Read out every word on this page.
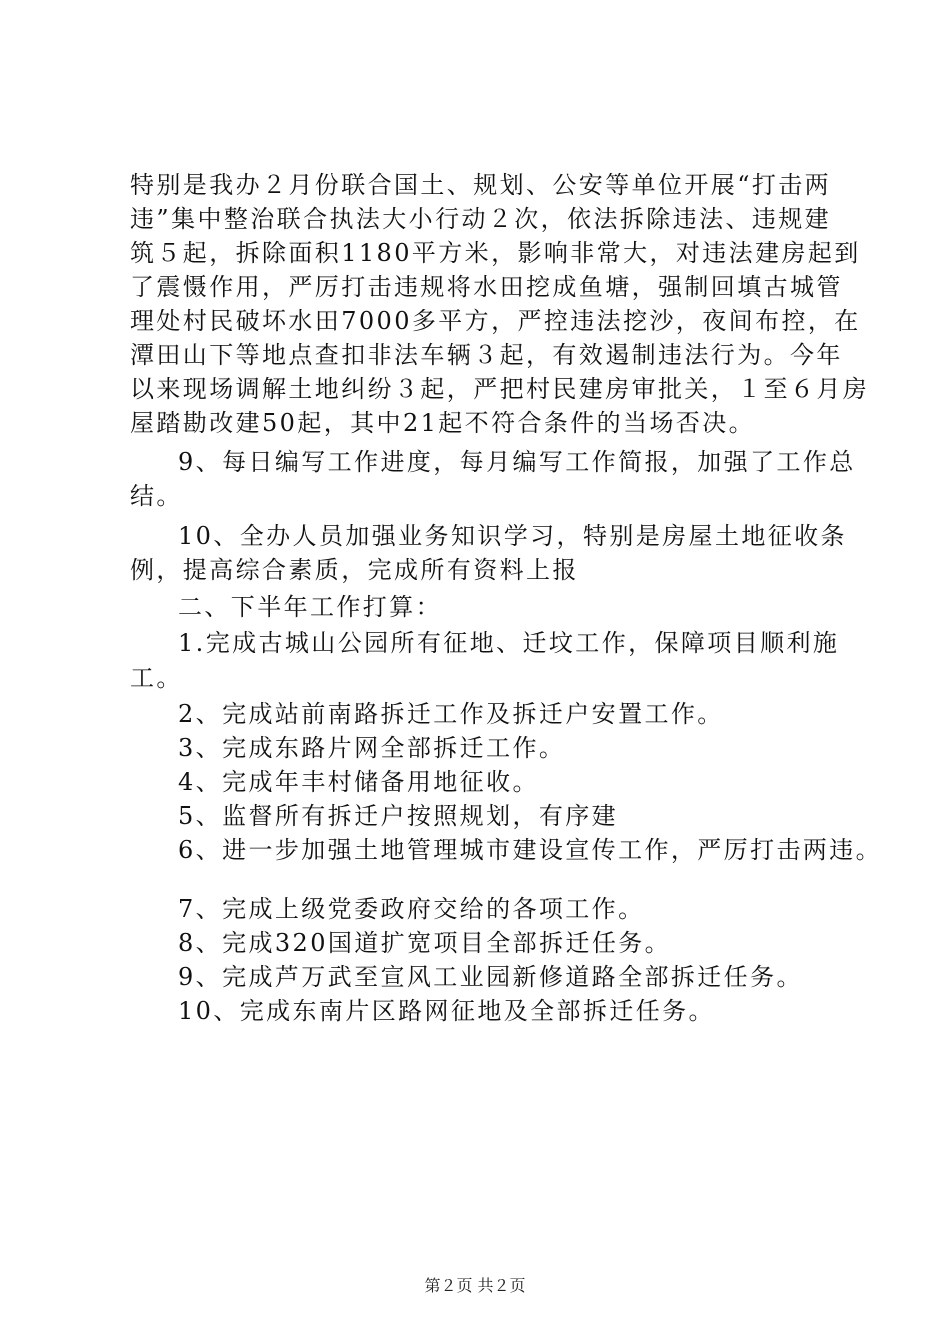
特别是我办２月份联合国土、规划、公安等单位开展“打击两
违”集中整治联合执法大小行动２次，依法拆除违法、违规建
筑５起，拆除面积1180平方米，影响非常大，对违法建房起到
了震慑作用，严厉打击违规将水田挖成鱼塘，强制回填古城管
理处村民破坏水田7000多平方，严控违法挖沙，夜间布控，在
潭田山下等地点查扣非法车辆３起，有效遏制违法行为。今年
以来现场调解土地纠纷３起，严把村民建房审批关，１至６月房
屋踏勘改建50起，其中21起不符合条件的当场否决。
9、每日编写工作进度，每月编写工作简报，加强了工作总
结。
10、全办人员加强业务知识学习，特别是房屋土地征收条
例，提高综合素质，完成所有资料上报
二、下半年工作打算：
1.完成古城山公园所有征地、迁坟工作，保障项目顺利施
工。
2、完成站前南路拆迁工作及拆迁户安置工作。
3、完成东路片网全部拆迁工作。
4、完成年丰村储备用地征收。
5、监督所有拆迁户按照规划，有序建
6、进一步加强土地管理城市建设宣传工作，严厉打击两违。
7、完成上级党委政府交给的各项工作。
8、完成320国道扩宽项目全部拆迁任务。
9、完成芦万武至宣风工业园新修道路全部拆迁任务。
10、完成东南片区路网征地及全部拆迁任务。
第２页 共２页
